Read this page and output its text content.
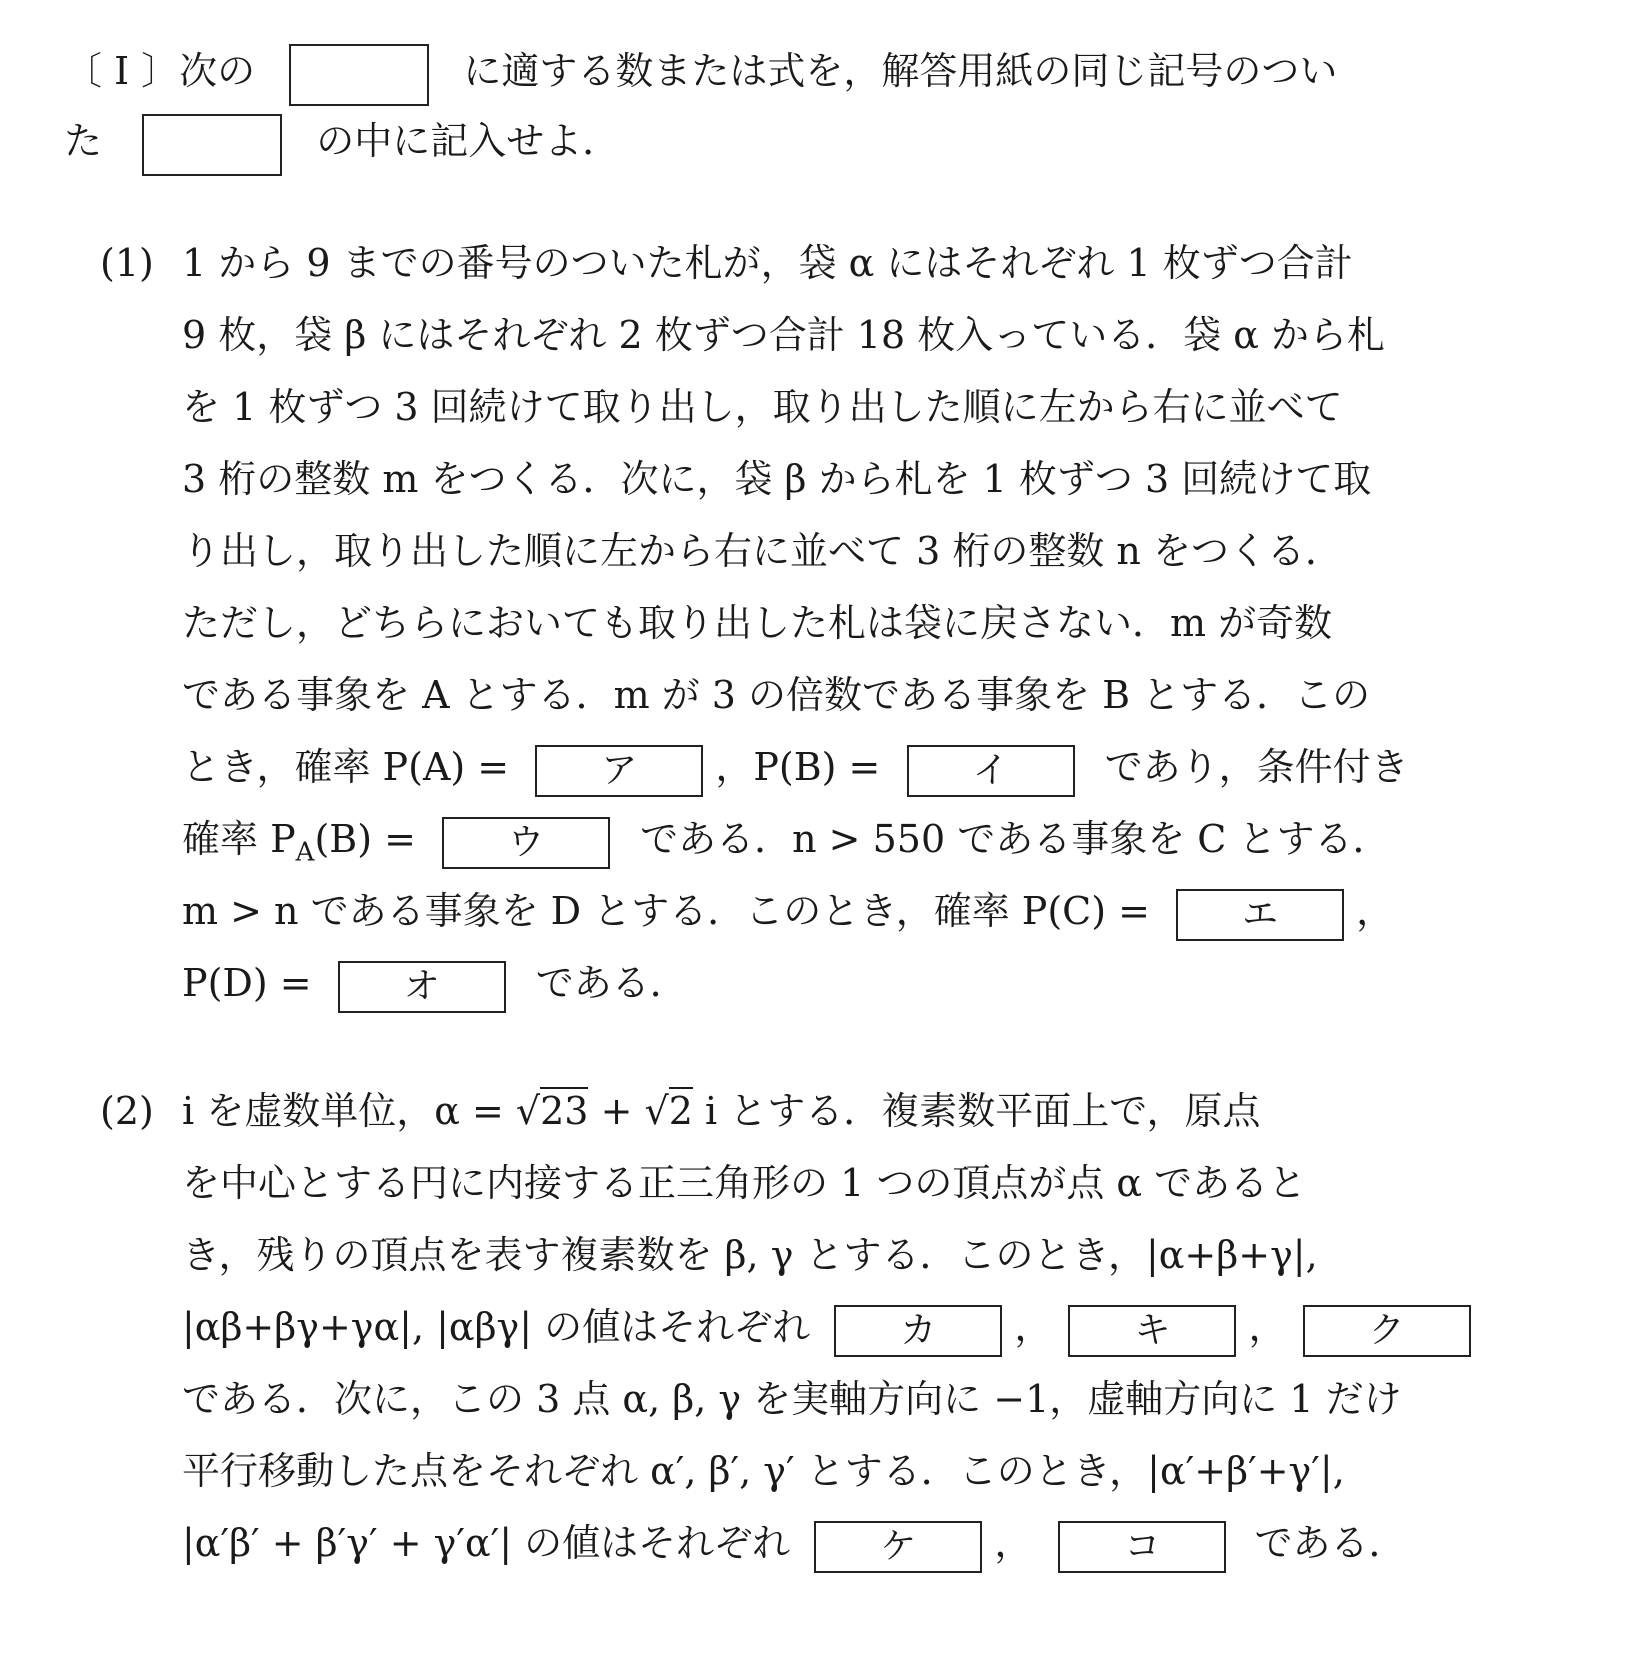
〔 I 〕次の	に適する数または式を，解答用紙の同じ記号のつい
た	の中に記入せよ．
(1) 1 から 9 までの番号のついた札が，袋 α にはそれぞれ 1 枚ずつ合計
9 枚，袋 β にはそれぞれ 2 枚ずつ合計 18 枚入っている．袋 α から札
を 1 枚ずつ 3 回続けて取り出し，取り出した順に左から右に並べて
3 桁の整数 m をつくる．次に，袋 β から札を 1 枚ずつ 3 回続けて取
り出し，取り出した順に左から右に並べて 3 桁の整数 n をつくる．
ただし，どちらにおいても取り出した札は袋に戻さない．m が奇数
である事象を A とする．m が 3 の倍数である事象を B とする．この
とき，確率 P(A) =	ア ，P(B) =	イ	であり，条件付き
確率 $P_A(B)$ =	ウ	である．n > 550 である事象を C とする．
m > n である事象を D とする．このとき，確率 P(C) =	エ ，
P(D) =	オ	である．
(2) i を虚数単位，α = √23 + √2 i とする．複素数平面上で，原点
を中心とする円に内接する正三角形の 1 つの頂点が点 α であると
き，残りの頂点を表す複素数を β, γ とする．このとき，|α+β+γ|,
|αβ+βγ+γα|, |αβγ| の値はそれぞれ	カ ， キ ， ク
である．次に，この 3 点 α, β, γ を実軸方向に −1，虚軸方向に 1 だけ
平行移動した点をそれぞれ α′, β′, γ′ とする．このとき，|α′+β′+γ′|,
|α′β′ + β′γ′ + γ′α′| の値はそれぞれ	ケ ，	コ である．
